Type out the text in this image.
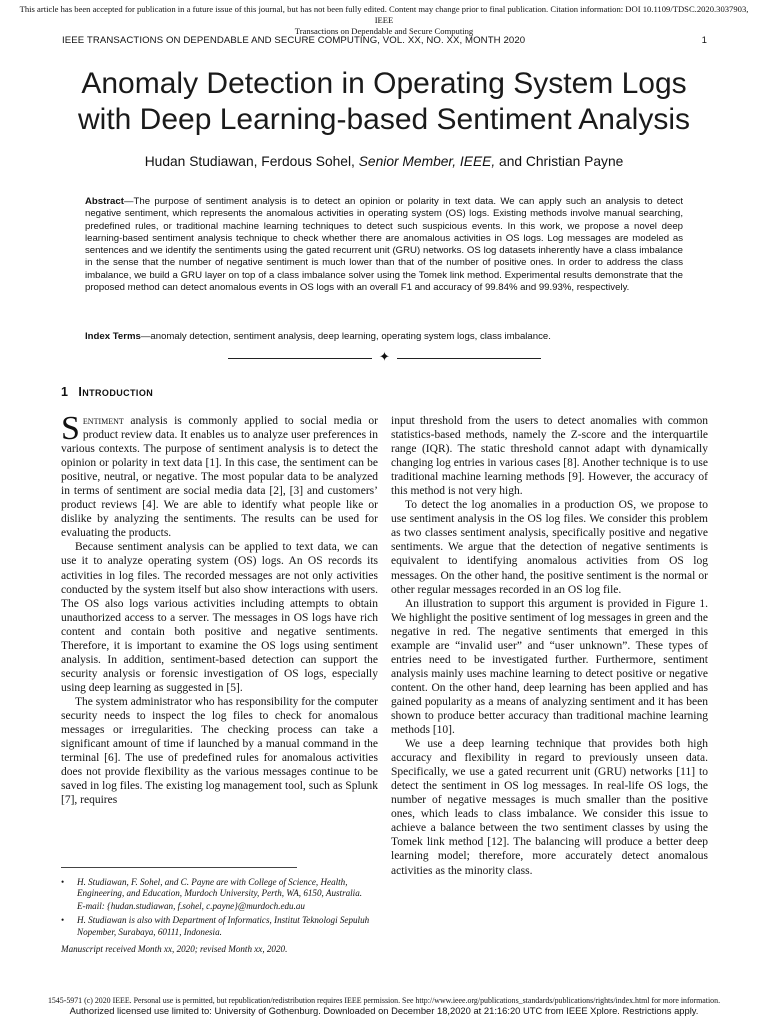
This article has been accepted for publication in a future issue of this journal, but has not been fully edited. Content may change prior to final publication. Citation information: DOI 10.1109/TDSC.2020.3037903, IEEE
Transactions on Dependable and Secure Computing
IEEE TRANSACTIONS ON DEPENDABLE AND SECURE COMPUTING, VOL. XX, NO. XX, MONTH 2020	1
Anomaly Detection in Operating System Logs
with Deep Learning-based Sentiment Analysis
Hudan Studiawan, Ferdous Sohel, Senior Member, IEEE, and Christian Payne
Abstract—The purpose of sentiment analysis is to detect an opinion or polarity in text data. We can apply such an analysis to detect negative sentiment, which represents the anomalous activities in operating system (OS) logs. Existing methods involve manual searching, predefined rules, or traditional machine learning techniques to detect such suspicious events. In this work, we propose a novel deep learning-based sentiment analysis technique to check whether there are anomalous activities in OS logs. Log messages are modeled as sentences and we identify the sentiments using the gated recurrent unit (GRU) networks. OS log datasets inherently have a class imbalance in the sense that the number of negative sentiment is much lower than that of the number of positive ones. In order to address the class imbalance, we build a GRU layer on top of a class imbalance solver using the Tomek link method. Experimental results demonstrate that the proposed method can detect anomalous events in OS logs with an overall F1 and accuracy of 99.84% and 99.93%, respectively.
Index Terms—anomaly detection, sentiment analysis, deep learning, operating system logs, class imbalance.
✦
1 Introduction

Sentiment analysis is commonly applied to social media or product review data. It enables us to analyze user preferences in various contexts. The purpose of sentiment analysis is to detect the opinion or polarity in text data [1]. In this case, the sentiment can be positive, neutral, or negative. The most popular data to be analyzed in terms of sentiment are social media data [2], [3] and customers’ product reviews [4]. We are able to identify what people like or dislike by analyzing the sentiments. The results can be used for evaluating the products.

Because sentiment analysis can be applied to text data, we can use it to analyze operating system (OS) logs. An OS records its activities in log files. The recorded messages are not only activities conducted by the system itself but also show interactions with users. The OS also logs various activities including attempts to obtain unauthorized access to a server. The messages in OS logs have rich content and contain both positive and negative sentiments. Therefore, it is important to examine the OS logs using sentiment analysis. In addition, sentiment-based detection can support the security analysis or forensic investigation of OS logs, especially using deep learning as suggested in [5].

The system administrator who has responsibility for the computer security needs to inspect the log files to check for anomalous messages or irregularities. The checking process can take a significant amount of time if launched by a manual command in the terminal [6]. The use of predefined rules for anomalous activities does not provide flexibility as the various messages continue to be saved in log files. The existing log management tool, such as Splunk [7], requires

input threshold from the users to detect anomalies with common statistics-based methods, namely the Z-score and the interquartile range (IQR). The static threshold cannot adapt with dynamically changing log entries in various cases [8]. Another technique is to use traditional machine learning methods [9]. However, the accuracy of this method is not very high.

To detect the log anomalies in a production OS, we propose to use sentiment analysis in the OS log files. We consider this problem as two classes sentiment analysis, specifically positive and negative sentiments. We argue that the detection of negative sentiments is equivalent to identifying anomalous activities from OS log messages. On the other hand, the positive sentiment is the normal or other regular messages recorded in an OS log file.

An illustration to support this argument is provided in Figure 1. We highlight the positive sentiment of log messages in green and the negative in red. The negative sentiments that emerged in this example are “invalid user” and “user unknown”. These types of entries need to be investigated further. Furthermore, sentiment analysis mainly uses machine learning to detect positive or negative content. On the other hand, deep learning has been applied and has gained popularity as a means of analyzing sentiment and it has been shown to produce better accuracy than traditional machine learning methods [10].

We use a deep learning technique that provides both high accuracy and flexibility in regard to previously unseen data. Specifically, we use a gated recurrent unit (GRU) networks [11] to detect the sentiment in OS log messages. In real-life OS logs, the number of negative messages is much smaller than the positive ones, which leads to class imbalance. We consider this issue to achieve a balance between the two sentiment classes by using the Tomek link method [12]. The balancing will produce a better deep learning model; therefore, more accurately detect anomalous activities as the minority class.

• H. Studiawan, F. Sohel, and C. Payne are with College of Science, Health, Engineering, and Education, Murdoch University, Perth, WA, 6150, Australia.
E-mail: {hudan.studiawan, f.sohel, c.payne}@murdoch.edu.au
• H. Studiawan is also with Department of Informatics, Institut Teknologi Sepuluh Nopember, Surabaya, 60111, Indonesia.
Manuscript received Month xx, 2020; revised Month xx, 2020.
1545-5971 (c) 2020 IEEE. Personal use is permitted, but republication/redistribution requires IEEE permission. See http://www.ieee.org/publications_standards/publications/rights/index.html for more information.
Authorized licensed use limited to: University of Gothenburg. Downloaded on December 18,2020 at 21:16:20 UTC from IEEE Xplore. Restrictions apply.
